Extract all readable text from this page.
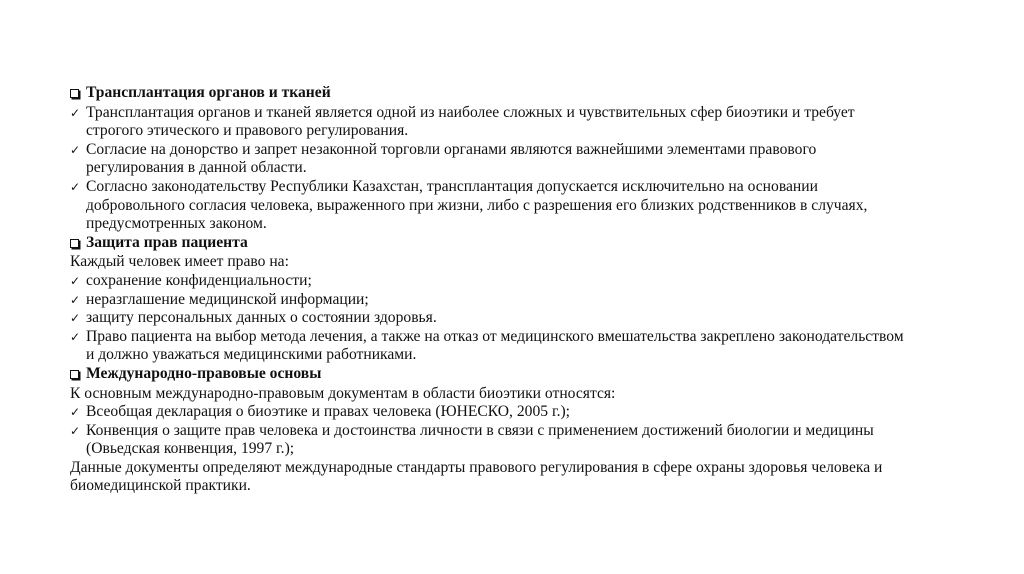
Трансплантация органов и тканей
✓ Трансплантация органов и тканей является одной из наиболее сложных и чувствительных сфер биоэтики и требует строгого этического и правового регулирования.
✓ Согласие на донорство и запрет незаконной торговли органами являются важнейшими элементами правового регулирования в данной области.
✓ Согласно законодательству Республики Казахстан, трансплантация допускается исключительно на основании добровольного согласия человека, выраженного при жизни, либо с разрешения его близких родственников в случаях, предусмотренных законом.
Защита прав пациента
Каждый человек имеет право на:
✓ сохранение конфиденциальности;
✓ неразглашение медицинской информации;
✓ защиту персональных данных о состоянии здоровья.
✓ Право пациента на выбор метода лечения, а также на отказ от медицинского вмешательства закреплено законодательством и должно уважаться медицинскими работниками.
Международно-правовые основы
К основным международно-правовым документам в области биоэтики относятся:
✓ Всеобщая декларация о биоэтике и правах человека (ЮНЕСКО, 2005 г.);
✓ Конвенция о защите прав человека и достоинства личности в связи с применением достижений биологии и медицины (Овьедская конвенция, 1997 г.);
Данные документы определяют международные стандарты правового регулирования в сфере охраны здоровья человека и биомедицинской практики.
